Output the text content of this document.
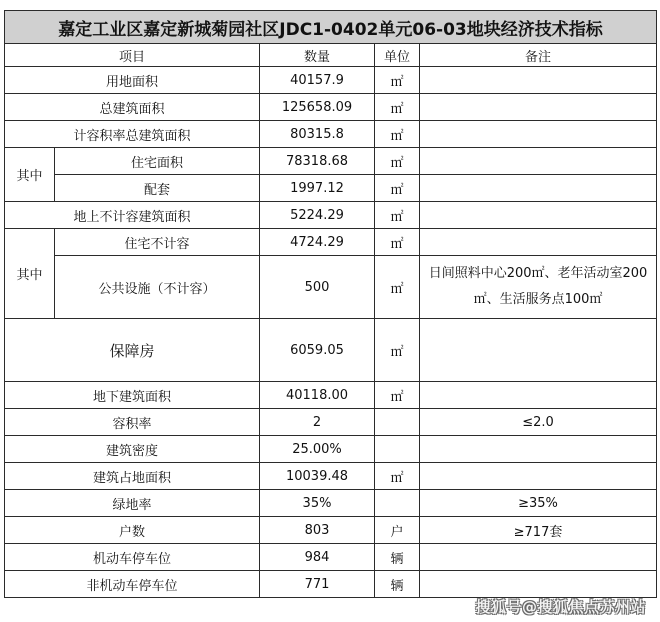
嘉定工业区嘉定新城菊园社区JDC1-0402单元06-03地块经济技术指标				
项目		数量	单位	备注
用地面积		40157.9	㎡	
总建筑面积		125658.09	㎡	
计容积率总建筑面积		80315.8	㎡	
其中	住宅面积	78318.68	㎡	
	配套	1997.12	㎡	
地上不计容建筑面积		5224.29	㎡	
其中	住宅不计容	4724.29	㎡	
	公共设施（不计容）	500	㎡	日间照料中心200㎡、老年活动室200㎡、生活服务点100㎡
保障房		6059.05	㎡	
地下建筑面积		40118.00	㎡	
容积率		2		≤2.0
建筑密度		25.00%		
建筑占地面积		10039.48	㎡	
绿地率		35%		≥35%
户数		803	户	≥717套
机动车停车位		984	辆	
非机动车停车位		771	辆	
搜狐号@搜狐焦点苏州站
